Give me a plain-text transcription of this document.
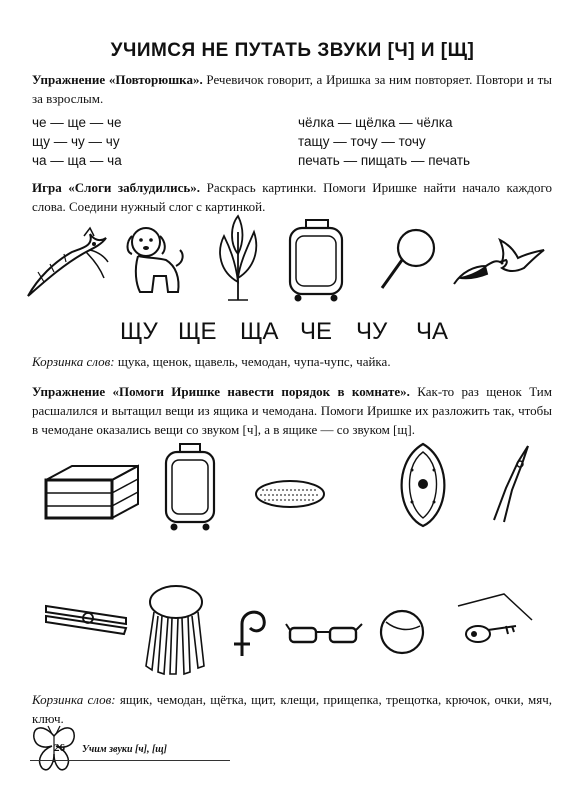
УЧИМСЯ НЕ ПУТАТЬ ЗВУКИ [Ч] И [Щ]
Упражнение «Повторюшка». Речевичок говорит, а Иришка за ним повторяет. Повтори и ты за взрослым.
че — ще — че
щу — чу — чу
ча — ща — ча
чёлка — щёлка — чёлка
тащу — точу — точу
печать — пищать — печать
Игра «Слоги заблудились». Раскрась картинки. Помоги Иришке найти начало каждого слова. Соедини нужный слог с картинкой.
ЩУ ЩЕ ЩА ЧЕ ЧУ ЧА
Корзинка слов: щука, щенок, щавель, чемодан, чупа-чупс, чайка.
Упражнение «Помоги Иришке навести порядок в комнате». Как-то раз щенок Тим расшалился и вытащил вещи из ящика и чемодана. Помоги Иришке их разложить так, чтобы в чемодане оказались вещи со звуком [ч], а в ящике — со звуком [щ].
Корзинка слов: ящик, чемодан, щётка, щит, клещи, прищепка, трещотка, крючок, очки, мяч, ключ.
26 Учим звуки [ч], [щ]
